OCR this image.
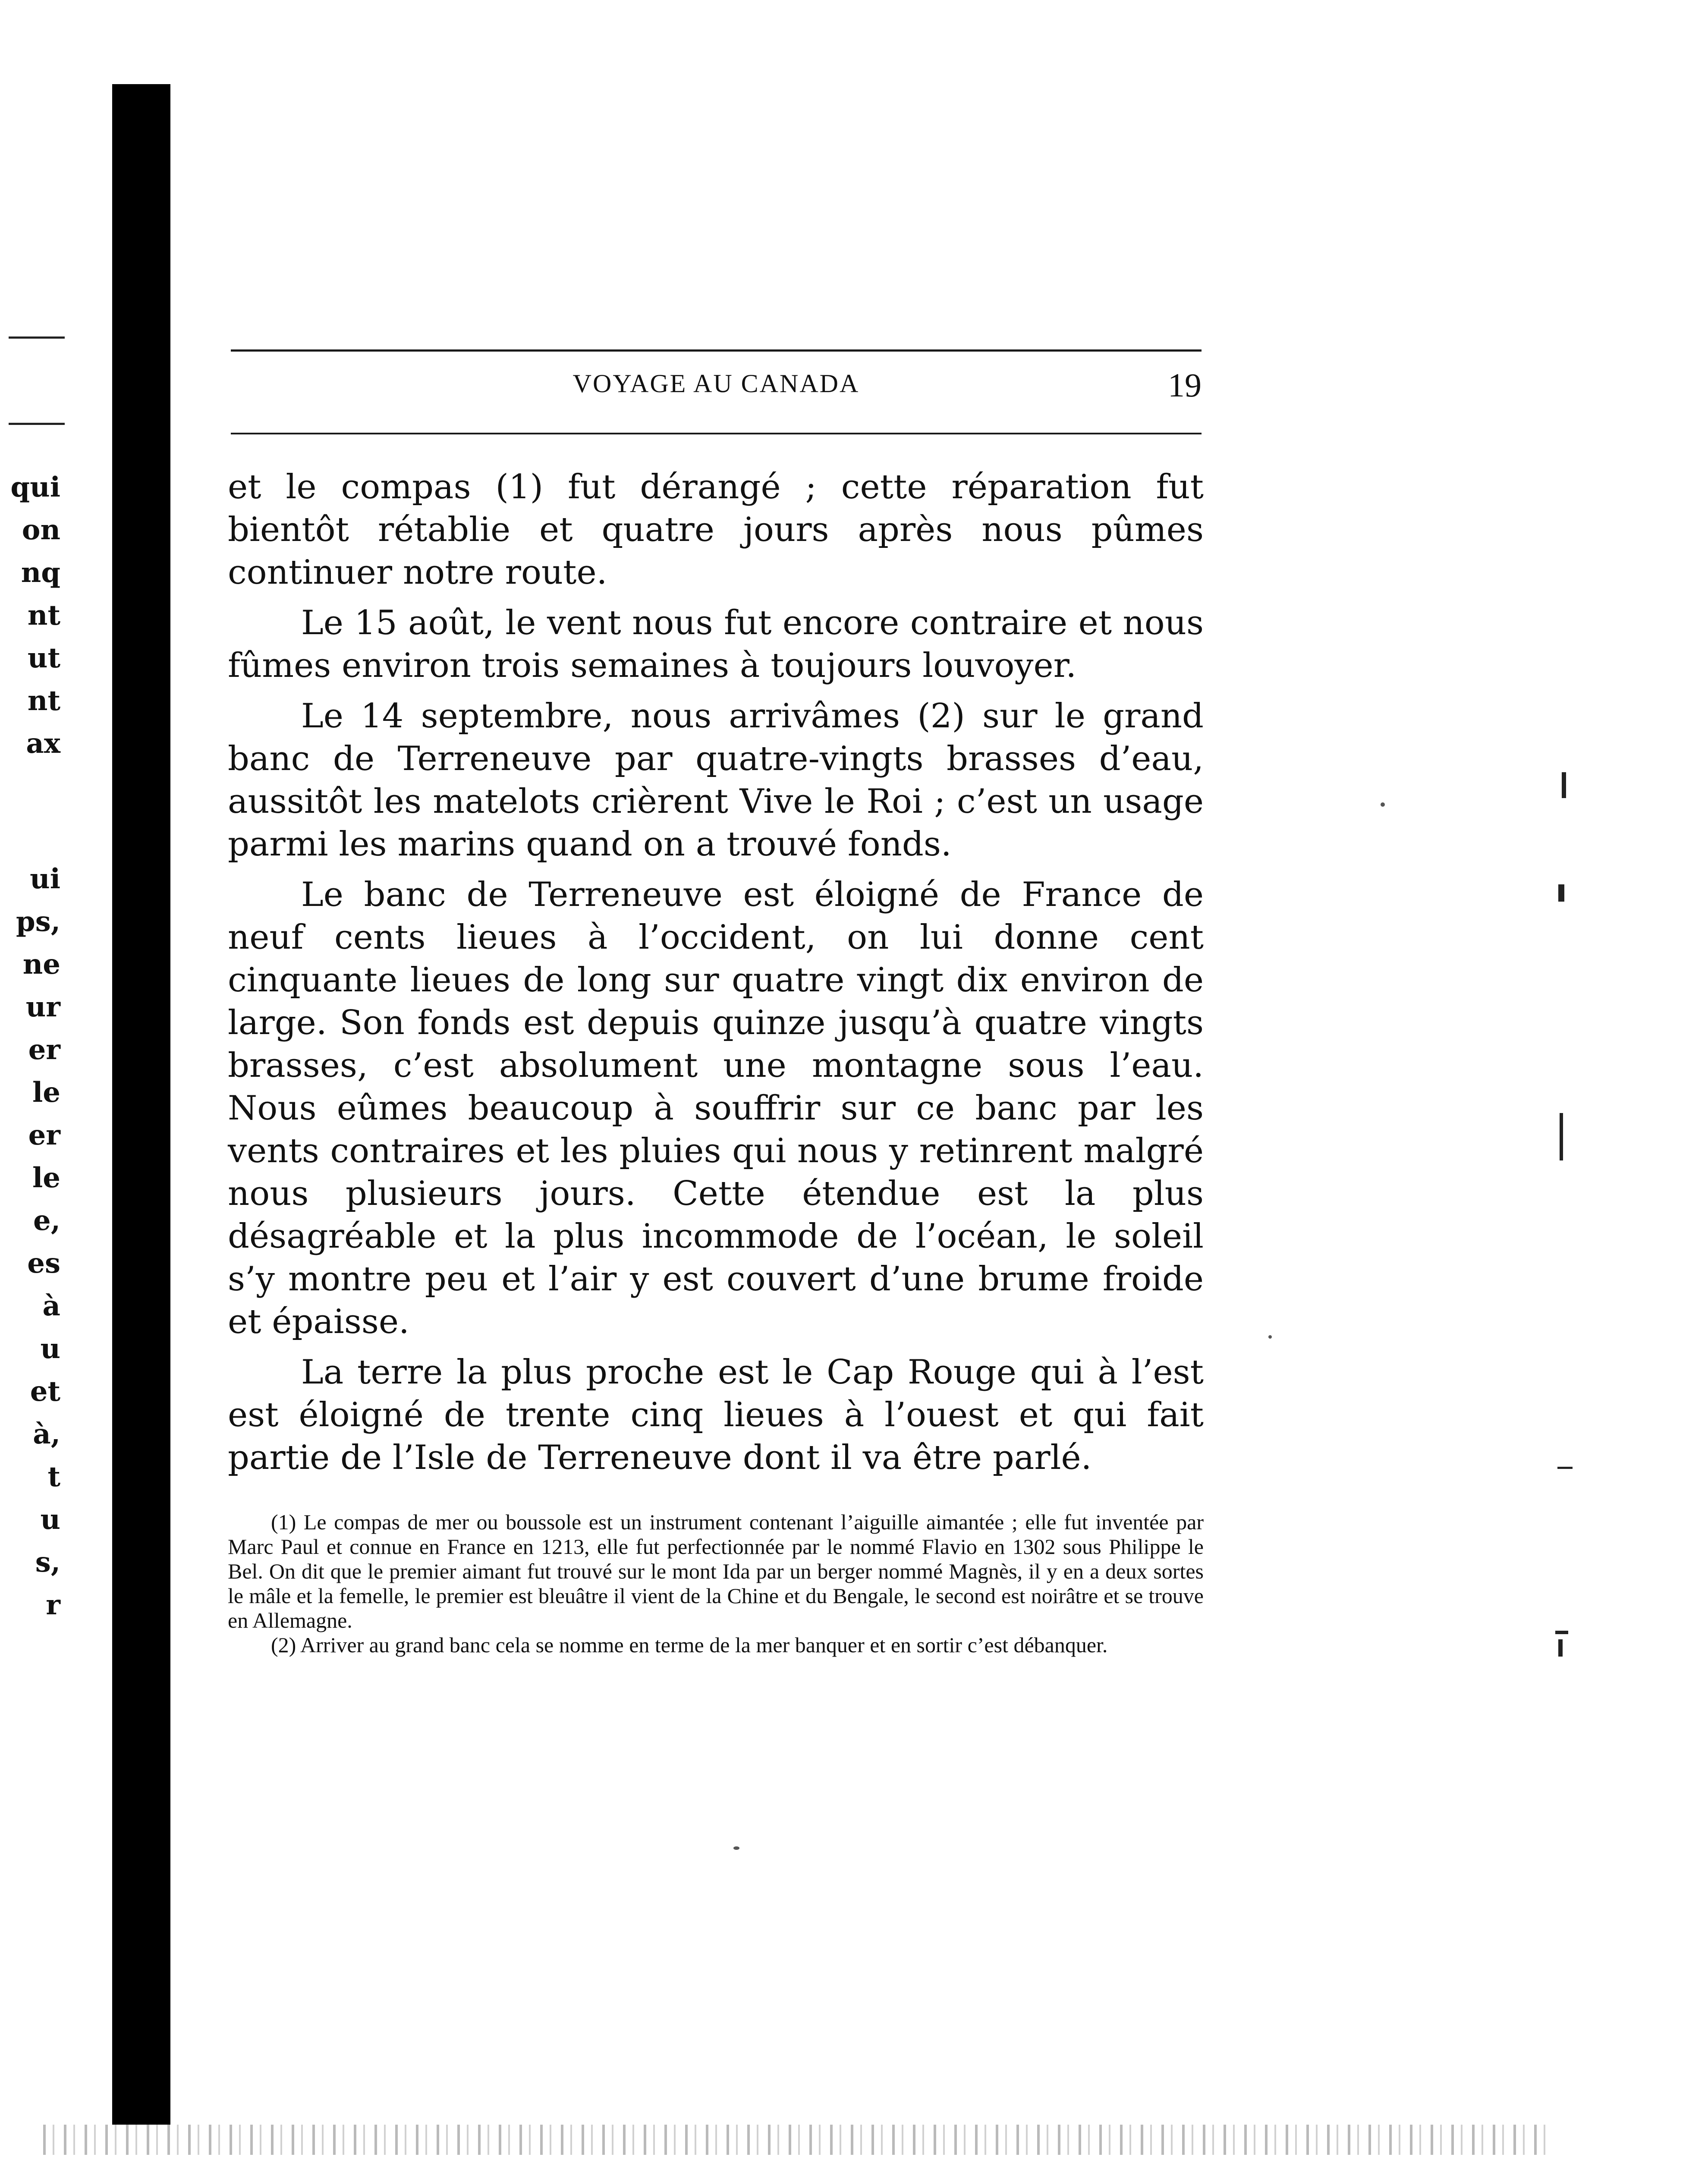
qui
on
nq
nt
ut
nt
ax
ui
ps,
ne
ur
er
le
er
le
e,
es
à
u
et
à,
t
u
s,
r
VOYAGE AU CANADA	19

et le compas (1) fut dérangé ; cette réparation fut bientôt rétablie et quatre jours après nous pûmes continuer notre route.

Le 15 août, le vent nous fut encore contraire et nous fûmes environ trois semaines à toujours louvoyer.

Le 14 septembre, nous arrivâmes (2) sur le grand banc de Terreneuve par quatre-vingts brasses d’eau, aussitôt les matelots crièrent Vive le Roi ; c’est un usage parmi les marins quand on a trouvé fonds.

Le banc de Terreneuve est éloigné de France de neuf cents lieues à l’occident, on lui donne cent cinquante lieues de long sur quatre vingt dix environ de large. Son fonds est depuis quinze jusqu’à quatre vingts brasses, c’est absolument une montagne sous l’eau. Nous eûmes beaucoup à souffrir sur ce banc par les vents contraires et les pluies qui nous y retinrent malgré nous plusieurs jours. Cette étendue est la plus désagréable et la plus incommode de l’océan, le soleil s’y montre peu et l’air y est couvert d’une brume froide et épaisse.

La terre la plus proche est le Cap Rouge qui à l’est est éloigné de trente cinq lieues à l’ouest et qui fait partie de l’Isle de Terreneuve dont il va être parlé.

(1) Le compas de mer ou boussole est un instrument contenant l’aiguille aimantée ; elle fut inventée par Marc Paul et connue en France en 1213, elle fut perfectionnée par le nommé Flavio en 1302 sous Philippe le Bel. On dit que le premier aimant fut trouvé sur le mont Ida par un berger nommé Magnès, il y en a deux sortes le mâle et la femelle, le premier est bleuâtre il vient de la Chine et du Bengale, le second est noirâtre et se trouve en Allemagne.

(2) Arriver au grand banc cela se nomme en terme de la mer banquer et en sortir c’est débanquer.
